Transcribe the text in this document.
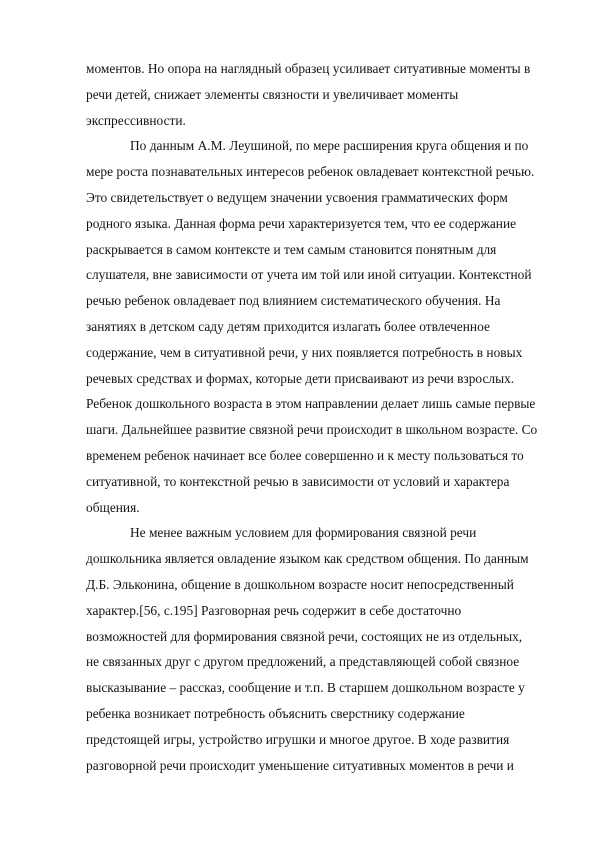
моментов. Но опора на наглядный образец усиливает ситуативные моменты в
речи детей, снижает элементы связности и увеличивает моменты
экспрессивности.
По данным А.М. Леушиной, по мере расширения круга общения и по
мере роста познавательных интересов ребенок овладевает контекстной речью.
Это свидетельствует о ведущем значении усвоения грамматических форм
родного языка. Данная форма речи характеризуется тем, что ее содержание
раскрывается в самом контексте и тем самым становится понятным для
слушателя, вне зависимости от учета им той или иной ситуации. Контекстной
речью ребенок овладевает под влиянием систематического обучения. На
занятиях в детском саду детям приходится излагать более отвлеченное
содержание, чем в ситуативной речи, у них появляется потребность в новых
речевых средствах и формах, которые дети присваивают из речи взрослых.
Ребенок дошкольного возраста в этом направлении делает лишь самые первые
шаги. Дальнейшее развитие связной речи происходит в школьном возрасте. Со
временем ребенок начинает все более совершенно и к месту пользоваться то
ситуативной, то контекстной речью в зависимости от условий и характера
общения.
Не менее важным условием для формирования связной речи
дошкольника является овладение языком как средством общения. По данным
Д.Б. Эльконина, общение в дошкольном возрасте носит непосредственный
характер.[56, с.195] Разговорная речь содержит в себе достаточно
возможностей для формирования связной речи, состоящих не из отдельных,
не связанных друг с другом предложений, а представляющей собой связное
высказывание – рассказ, сообщение и т.п. В старшем дошкольном возрасте у
ребенка возникает потребность объяснить сверстнику содержание
предстоящей игры, устройство игрушки и многое другое. В ходе развития
разговорной речи происходит уменьшение ситуативных моментов в речи и
